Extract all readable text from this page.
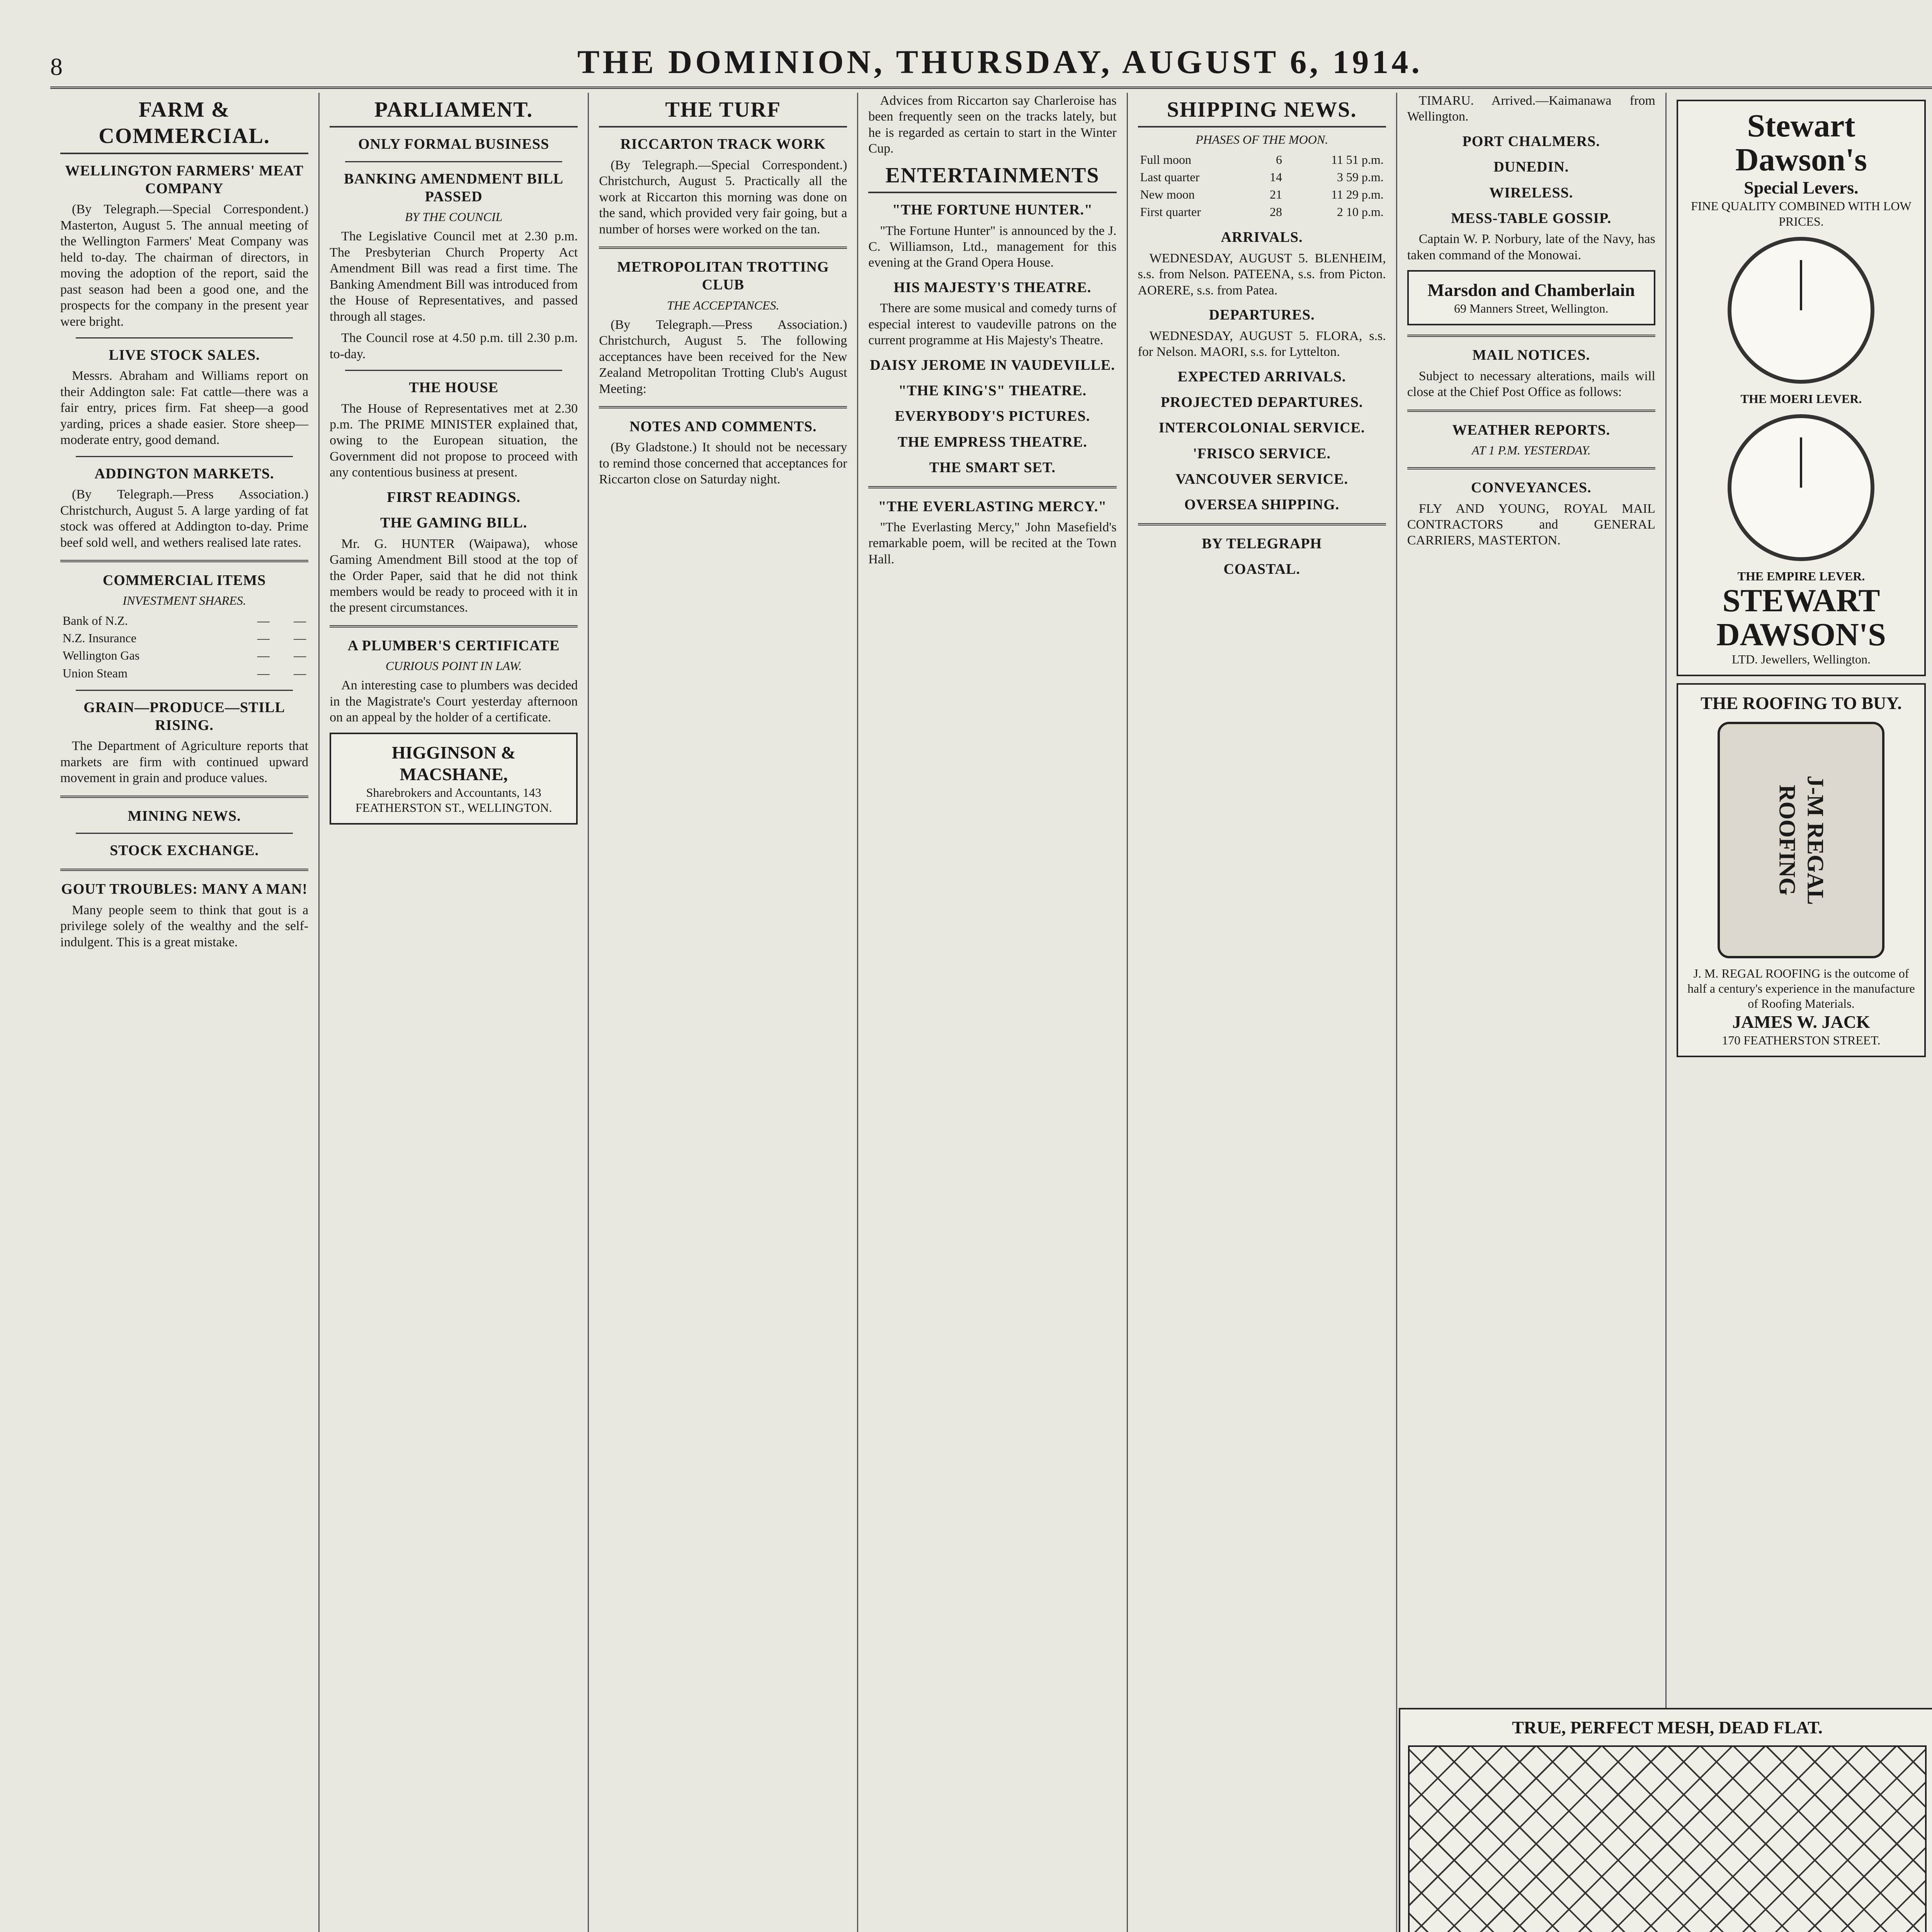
8	THE DOMINION, THURSDAY, AUGUST 6, 1914.
FARM & COMMERCIAL.
WELLINGTON FARMERS' MEAT COMPANY

(By Telegraph.—Special Correspondent.) Masterton, August 5. The annual meeting of the Wellington Farmers' Meat Company was held to-day. The chairman of directors, in moving the adoption of the report, said the past season had been a good one, and the prospects for the company in the present year were bright.

LIVE STOCK SALES.

Messrs. Abraham and Williams report on their Addington sale: Fat cattle—there was a fair entry, prices firm. Fat sheep—a good yarding, prices a shade easier. Store sheep—moderate entry, good demand.

ADDINGTON MARKETS.

(By Telegraph.—Press Association.) Christchurch, August 5. A large yarding of fat stock was offered at Addington to-day. Prime beef sold well, and wethers realised late rates.

COMMERCIAL ITEMS
INVESTMENT SHARES.
Bank of N.Z.	—	—
N.Z. Insurance	—	—
Wellington Gas	—	—
Union Steam	—	—
GRAIN—PRODUCE—STILL RISING.

The Department of Agriculture reports that markets are firm with continued upward movement in grain and produce values.

MINING NEWS.
STOCK EXCHANGE.
GOUT TROUBLES: MANY A MAN!

Many people seem to think that gout is a privilege solely of the wealthy and the self-indulgent. This is a great mistake.

PARLIAMENT.
ONLY FORMAL BUSINESS
BANKING AMENDMENT BILL PASSED
BY THE COUNCIL

The Legislative Council met at 2.30 p.m. The Presbyterian Church Property Act Amendment Bill was read a first time. The Banking Amendment Bill was introduced from the House of Representatives, and passed through all stages.

The Council rose at 4.50 p.m. till 2.30 p.m. to-day.

THE HOUSE

The House of Representatives met at 2.30 p.m. The PRIME MINISTER explained that, owing to the European situation, the Government did not propose to proceed with any contentious business at present.

FIRST READINGS.
THE GAMING BILL.

Mr. G. HUNTER (Waipawa), whose Gaming Amendment Bill stood at the top of the Order Paper, said that he did not think members would be ready to proceed with it in the present circumstances.

A PLUMBER'S CERTIFICATE
CURIOUS POINT IN LAW.

An interesting case to plumbers was decided in the Magistrate's Court yesterday afternoon on an appeal by the holder of a certificate.

HIGGINSON & MACSHANE,
Sharebrokers and Accountants, 143 FEATHERSTON ST., WELLINGTON.
THE TURF
RICCARTON TRACK WORK

(By Telegraph.—Special Correspondent.) Christchurch, August 5. Practically all the work at Riccarton this morning was done on the sand, which provided very fair going, but a number of horses were worked on the tan.

METROPOLITAN TROTTING CLUB
THE ACCEPTANCES.

(By Telegraph.—Press Association.) Christchurch, August 5. The following acceptances have been received for the New Zealand Metropolitan Trotting Club's August Meeting:

NOTES AND COMMENTS.

(By Gladstone.) It should not be necessary to remind those concerned that acceptances for Riccarton close on Saturday night.

Advices from Riccarton say Charleroise has been frequently seen on the tracks lately, but he is regarded as certain to start in the Winter Cup.

ENTERTAINMENTS
"THE FORTUNE HUNTER."

"The Fortune Hunter" is announced by the J. C. Williamson, Ltd., management for this evening at the Grand Opera House.

HIS MAJESTY'S THEATRE.

There are some musical and comedy turns of especial interest to vaudeville patrons on the current programme at His Majesty's Theatre.

DAISY JEROME IN VAUDEVILLE.
"THE KING'S" THEATRE.
EVERYBODY'S PICTURES.
THE EMPRESS THEATRE.
THE SMART SET.
"THE EVERLASTING MERCY."

"The Everlasting Mercy," John Masefield's remarkable poem, will be recited at the Town Hall.

SHIPPING NEWS.
PHASES OF THE MOON.
Full moon	6	11 51 p.m.
Last quarter	14	3 59 p.m.
New moon	21	11 29 p.m.
First quarter	28	2 10 p.m.
ARRIVALS.

WEDNESDAY, AUGUST 5. BLENHEIM, s.s. from Nelson. PATEENA, s.s. from Picton. AORERE, s.s. from Patea.

DEPARTURES.

WEDNESDAY, AUGUST 5. FLORA, s.s. for Nelson. MAORI, s.s. for Lyttelton.

EXPECTED ARRIVALS.
PROJECTED DEPARTURES.
INTERCOLONIAL SERVICE.
'FRISCO SERVICE.
VANCOUVER SERVICE.
OVERSEA SHIPPING.
BY TELEGRAPH
COASTAL.

TIMARU. Arrived.—Kaimanawa from Wellington.

PORT CHALMERS.
DUNEDIN.
WIRELESS.
MESS-TABLE GOSSIP.

Captain W. P. Norbury, late of the Navy, has taken command of the Monowai.

Marsdon and Chamberlain
69 Manners Street, Wellington.
MAIL NOTICES.

Subject to necessary alterations, mails will close at the Chief Post Office as follows:

WEATHER REPORTS.
AT 1 P.M. YESTERDAY.
CONVEYANCES.

FLY AND YOUNG, ROYAL MAIL CONTRACTORS and GENERAL CARRIERS, MASTERTON.

Stewart Dawson's
Special Levers.
FINE QUALITY COMBINED WITH LOW PRICES.
THE MOERI LEVER.
THE EMPIRE LEVER.
STEWART DAWSON'S
LTD. Jewellers, Wellington.
THE ROOFING TO BUY.
J-M REGAL ROOFING
J. M. REGAL ROOFING is the outcome of half a century's experience in the manufacture of Roofing Materials.
JAMES W. JACK
170 FEATHERSTON STREET.
TRUE, PERFECT MESH, DEAD FLAT.
